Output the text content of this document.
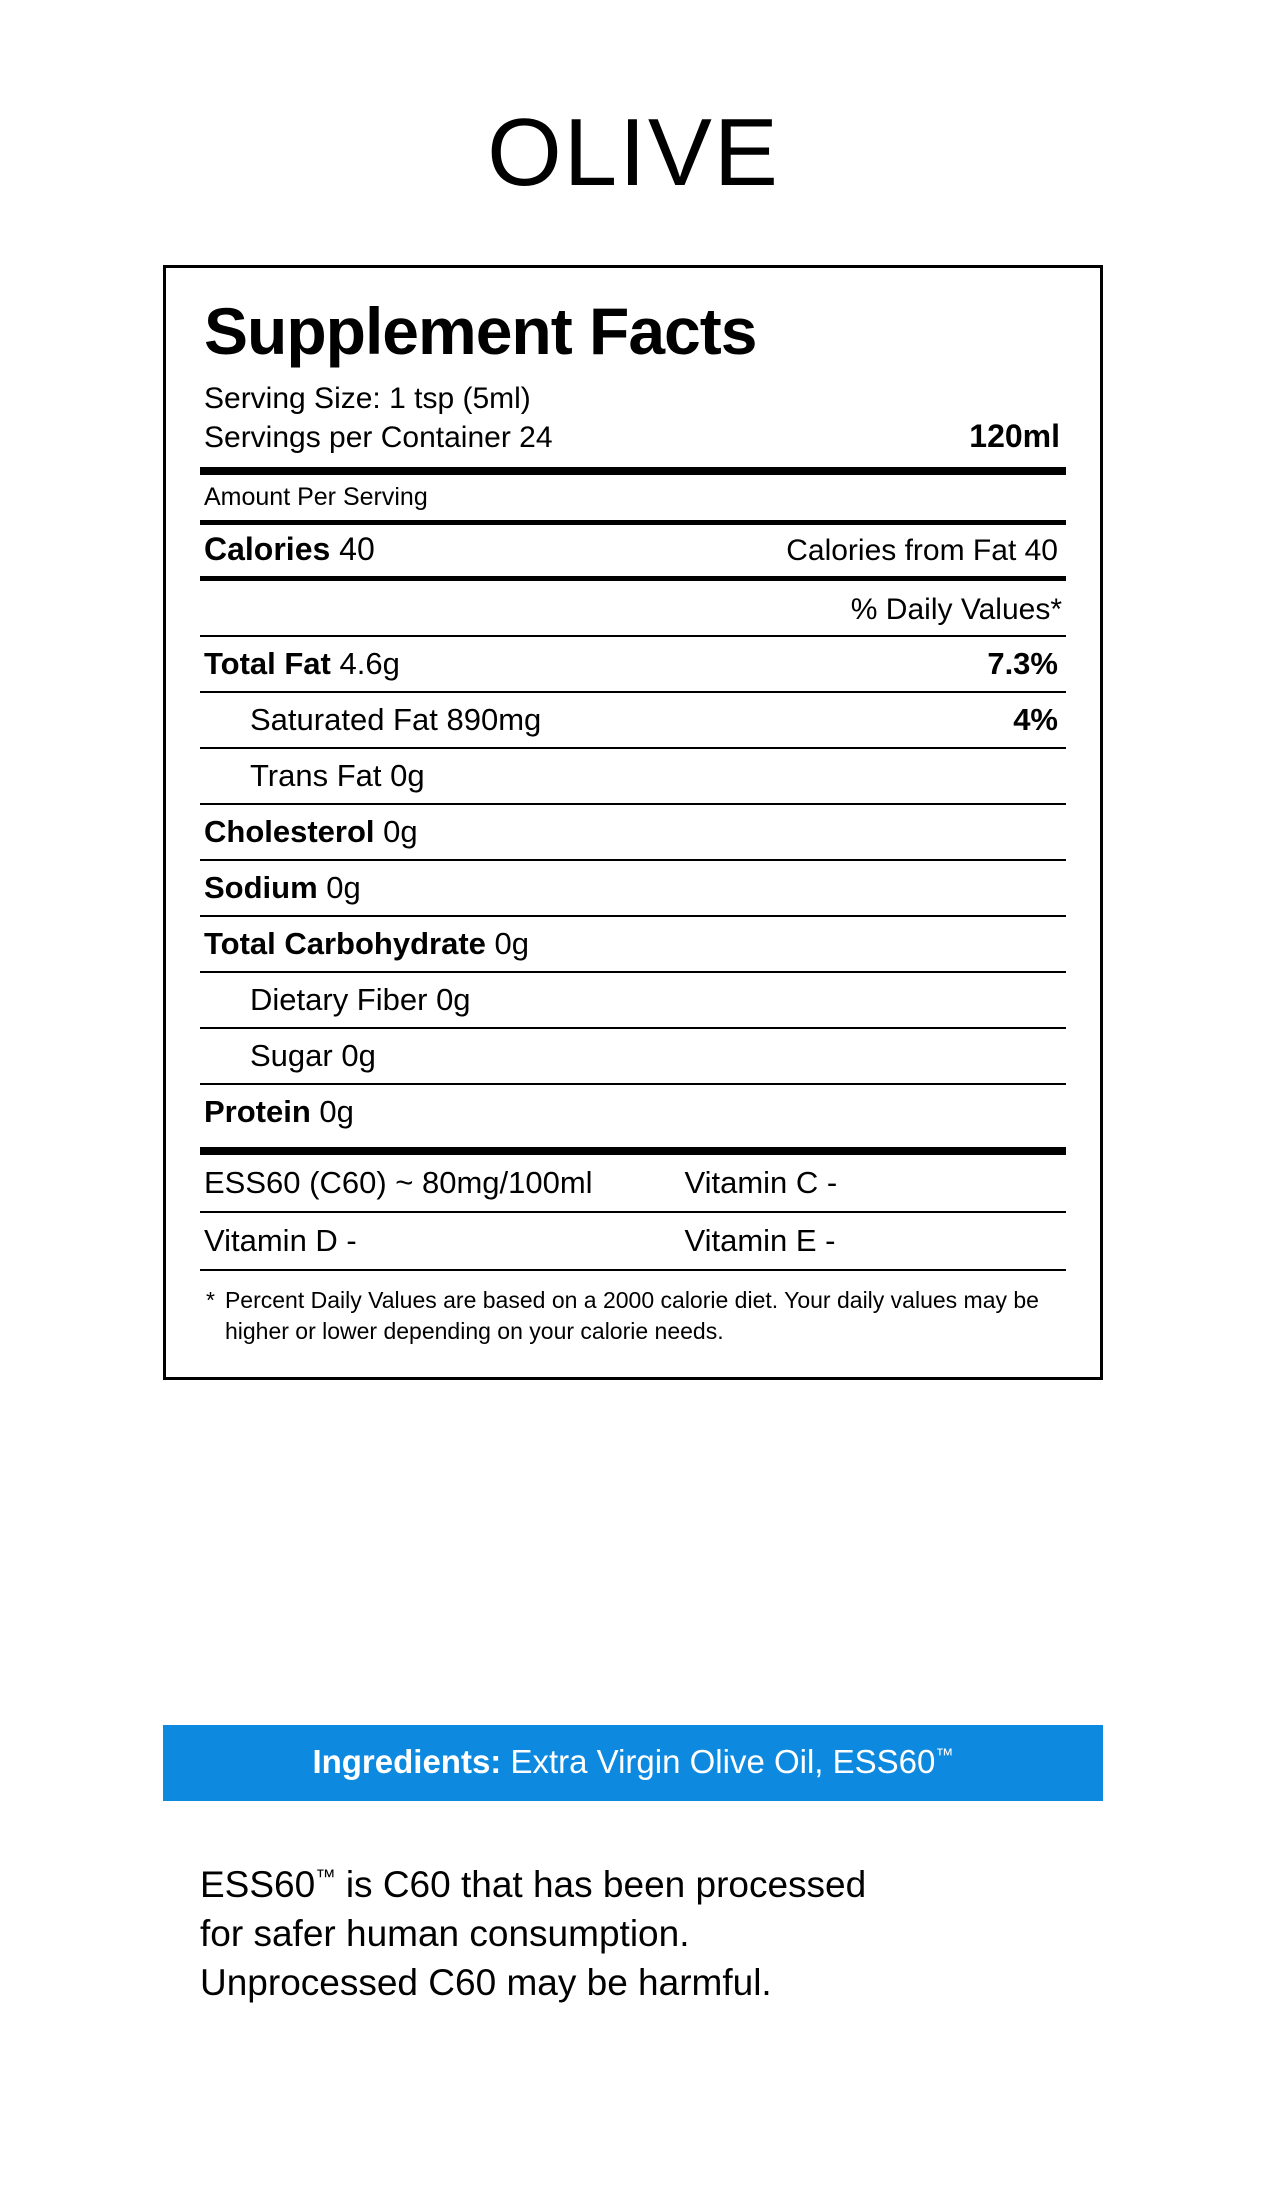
OLIVE
Supplement Facts
Serving Size: 1 tsp (5ml)
Servings per Container 24	120ml
Amount Per Serving
Calories 40	Calories from Fat 40
% Daily Values*
Total Fat 4.6g	7.3%
Saturated Fat 890mg	4%
Trans Fat 0g
Cholesterol 0g
Sodium 0g
Total Carbohydrate 0g
Dietary Fiber 0g
Sugar 0g
Protein 0g
ESS60 (C60) ~ 80mg/100ml	Vitamin C -
Vitamin D -	Vitamin E -
* Percent Daily Values are based on a 2000 calorie diet. Your daily values may be higher or lower depending on your calorie needs.
Ingredients: Extra Virgin Olive Oil, ESS60™
ESS60™ is C60 that has been processed
for safer human consumption.
Unprocessed C60 may be harmful.
